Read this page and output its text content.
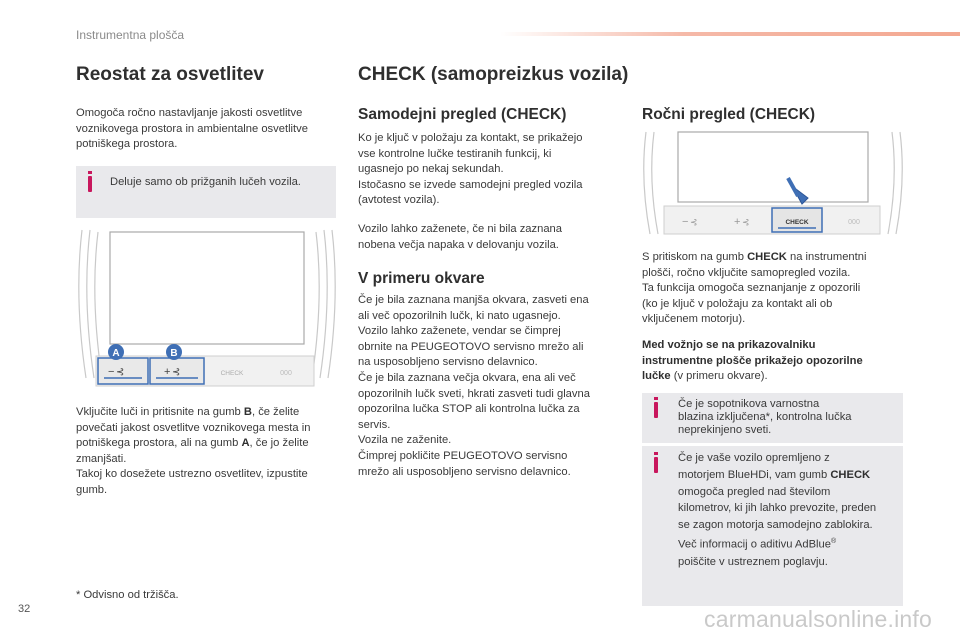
Instrumentna plošča
Reostat za osvetlitev
Omogoča ročno nastavljanje jakosti osvetlitve
voznikovega prostora in ambientalne osvetlitve
potniškega prostora.
Deluje samo ob prižganih lučeh vozila.
− ⊰	+ ⊰
A	B
CHECK	000
Vključite luči in pritisnite na gumb B, če želite
povečati jakost osvetlitve voznikovega mesta in
potniškega prostora, ali na gumb A, če jo želite
zmanjšati.
Takoj ko dosežete ustrezno osvetlitev, izpustite
gumb.
* Odvisno od tržišča.
CHECK (samopreizkus vozila)
Samodejni pregled (CHECK)
Ko je ključ v položaju za kontakt, se prikažejo
vse kontrolne lučke testiranih funkcij, ki
ugasnejo po nekaj sekundah.
Istočasno se izvede samodejni pregled vozila
(avtotest vozila).
Vozilo lahko zaženete, če ni bila zaznana
nobena večja napaka v delovanju vozila.
V primeru okvare
Če je bila zaznana manjša okvara, zasveti ena
ali več opozorilnih lučk, ki nato ugasnejo.
Vozilo lahko zaženete, vendar se čimprej
obrnite na PEUGEOTOVO servisno mrežo ali
na usposobljeno servisno delavnico.
Če je bila zaznana večja okvara, ena ali več
opozorilnih lučk sveti, hkrati zasveti tudi glavna
opozorilna lučka STOP ali kontrolna lučka za
servis.
Vozila ne zaženite.
Čimprej pokličite PEUGEOTOVO servisno
mrežo ali usposobljeno servisno delavnico.
Ročni pregled (CHECK)
− ⊰	+ ⊰	CHECK	000
S pritiskom na gumb CHECK na instrumentni
plošči, ročno vključite samopregled vozila.
Ta funkcija omogoča seznanjanje z opozorili
(ko je ključ v položaju za kontakt ali ob
vključenem motorju).
Med vožnjo se na prikazovalniku
instrumentne plošče prikažejo opozorilne
lučke (v primeru okvare).
Če je sopotnikova varnostna
blazina izključena*, kontrolna lučka
neprekinjeno sveti.
Če je vaše vozilo opremljeno z
motorjem BlueHDi, vam gumb CHECK
omogoča pregled nad številom
kilometrov, ki jih lahko prevozite, preden
se zagon motorja samodejno zablokira.
Več informacij o aditivu AdBlue®
poiščite v ustreznem poglavju.
32	carmanualsonline.info
